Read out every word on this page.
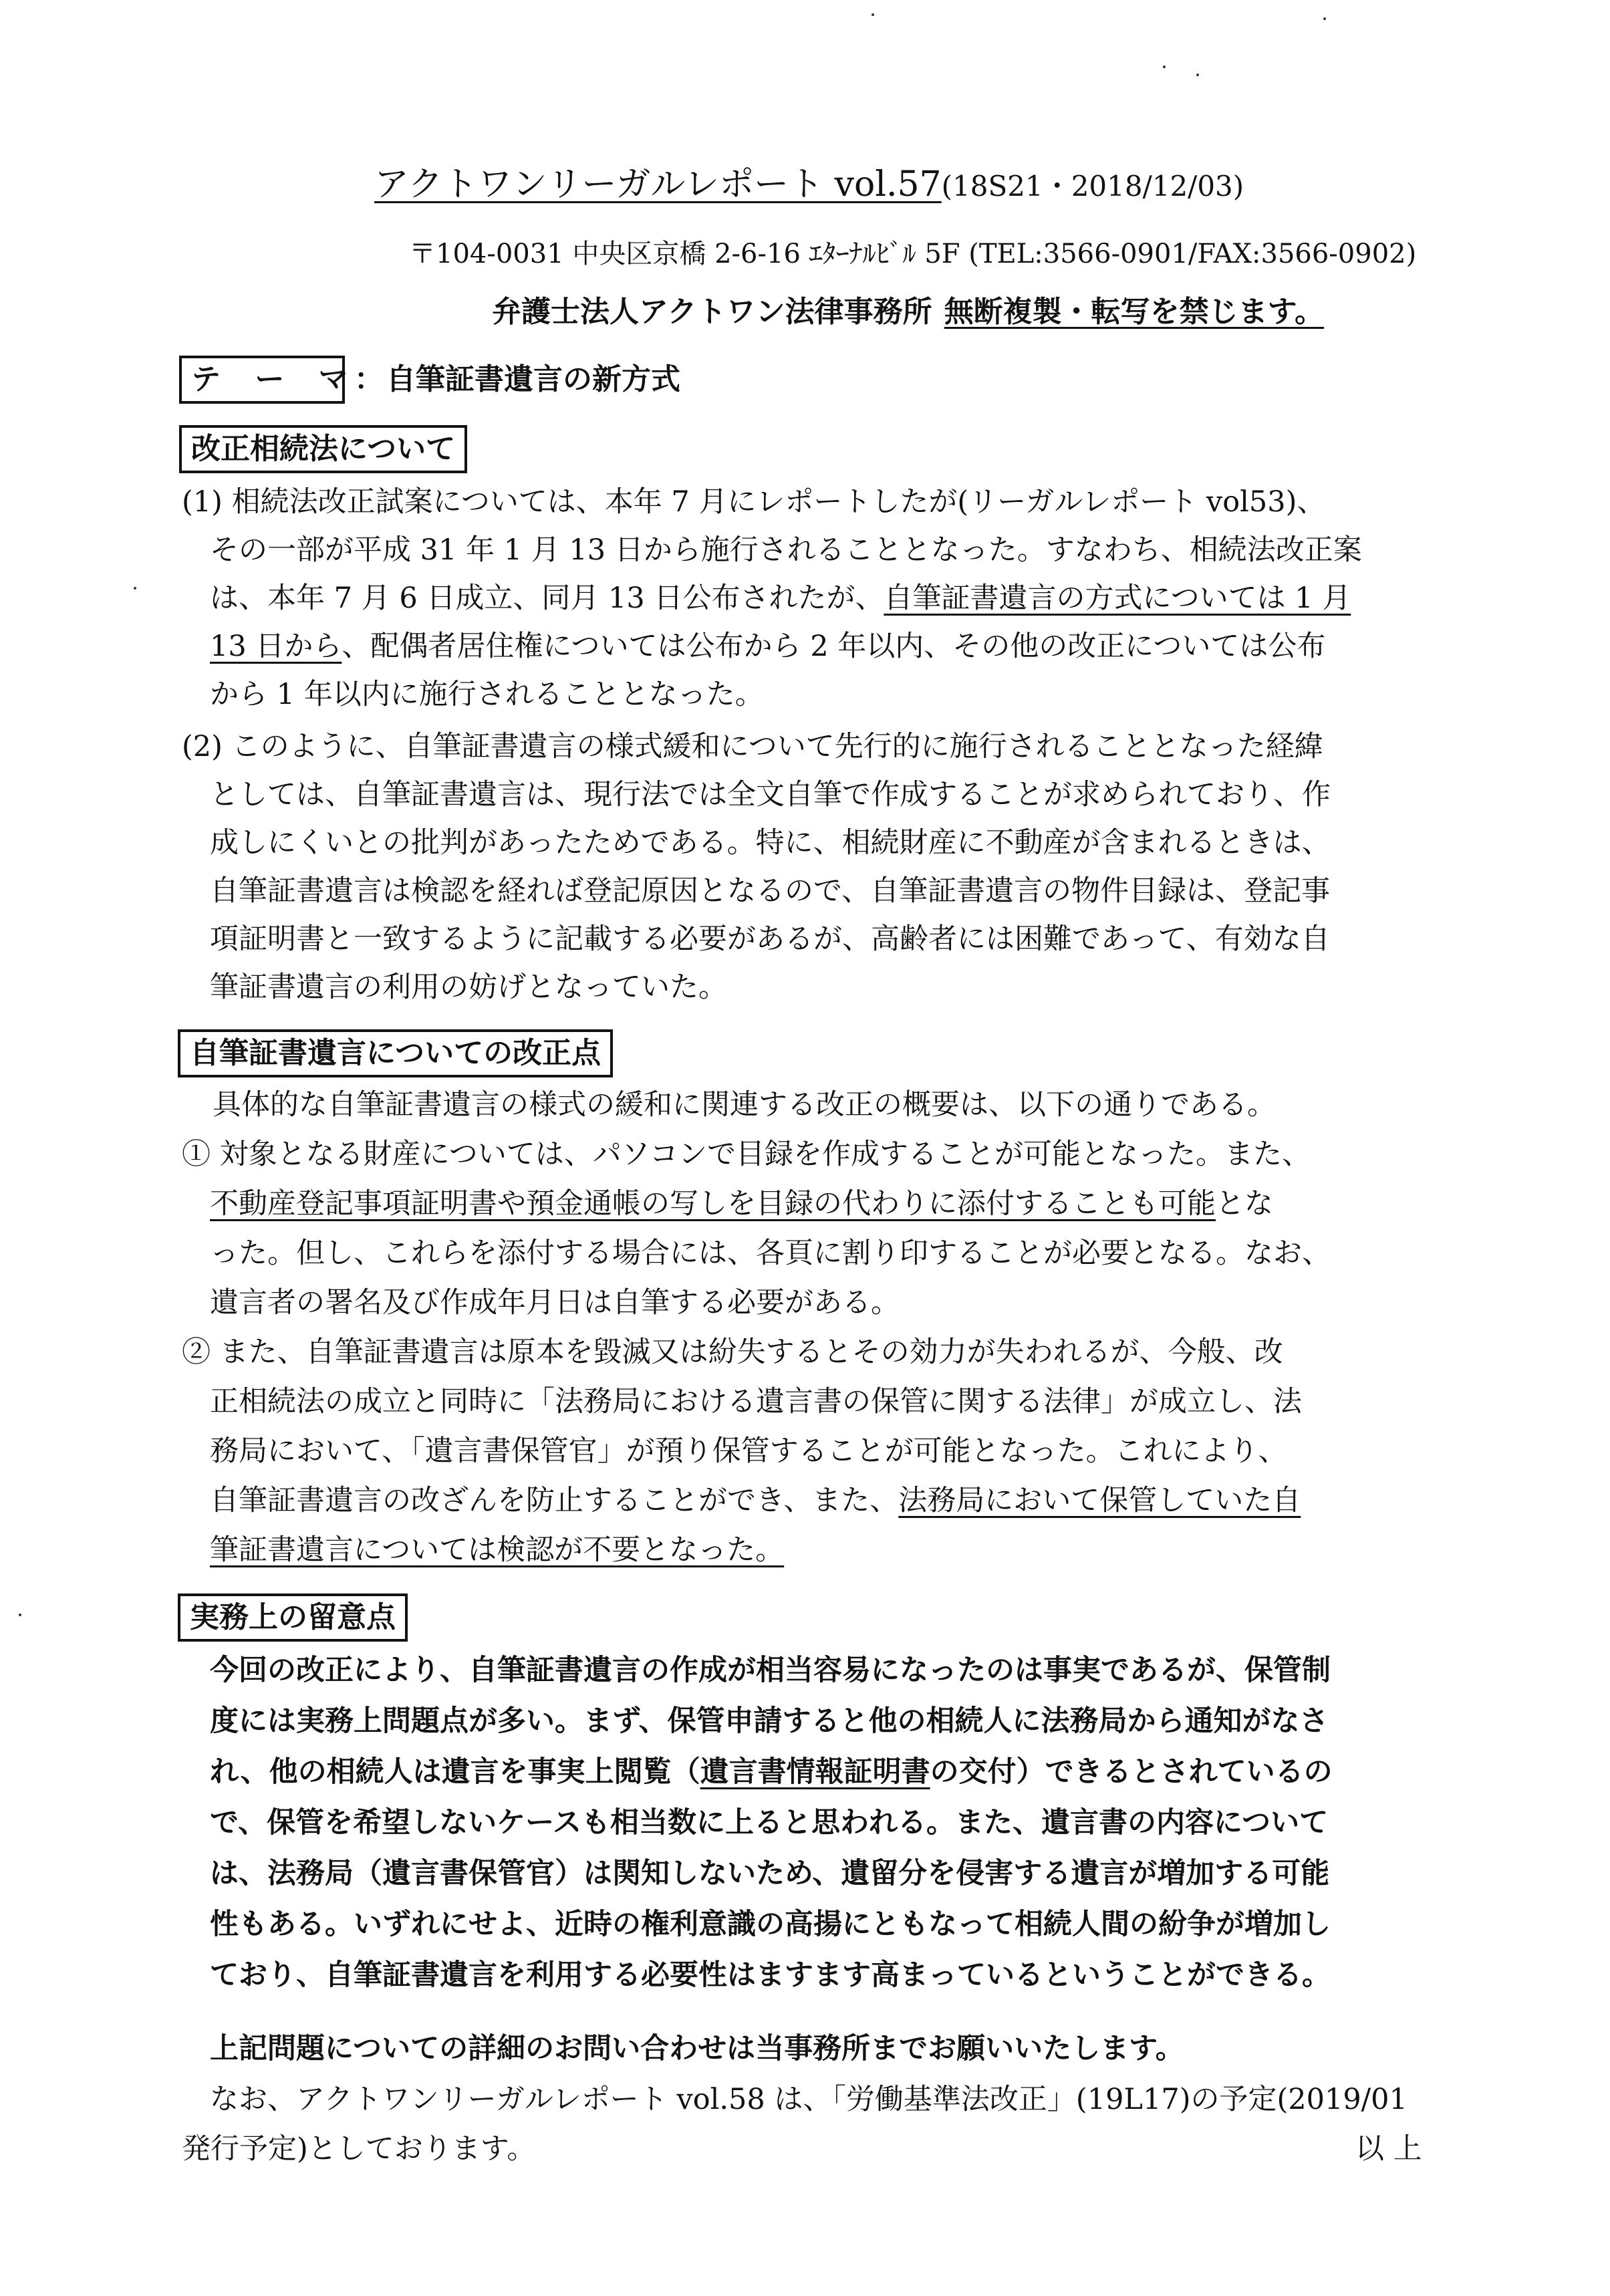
アクトワンリーガルレポート vol.57(18S21・2018/12/03)
〒104-0031 中央区京橋 2-6-16 ｴﾀｰﾅﾙﾋﾞﾙ 5F (TEL:3566-0901/FAX:3566-0902)
弁護士法人アクトワン法律事務所 無断複製・転写を禁じます。
テ ー マ：自筆証書遺言の新方式
改正相続法について
(1) 相続法改正試案については、本年 7 月にレポートしたが(リーガルレポート vol53)、
その一部が平成 31 年 1 月 13 日から施行されることとなった。すなわち、相続法改正案
は、本年 7 月 6 日成立、同月 13 日公布されたが、自筆証書遺言の方式については 1 月
13 日から、配偶者居住権については公布から 2 年以内、その他の改正については公布
から 1 年以内に施行されることとなった。
(2) このように、自筆証書遺言の様式緩和について先行的に施行されることとなった経緯
としては、自筆証書遺言は、現行法では全文自筆で作成することが求められており、作
成しにくいとの批判があったためである。特に、相続財産に不動産が含まれるときは、
自筆証書遺言は検認を経れば登記原因となるので、自筆証書遺言の物件目録は、登記事
項証明書と一致するように記載する必要があるが、高齢者には困難であって、有効な自
筆証書遺言の利用の妨げとなっていた。
自筆証書遺言についての改正点
具体的な自筆証書遺言の様式の緩和に関連する改正の概要は、以下の通りである。
① 対象となる財産については、パソコンで目録を作成することが可能となった。また、
不動産登記事項証明書や預金通帳の写しを目録の代わりに添付することも可能とな
った。但し、これらを添付する場合には、各頁に割り印することが必要となる。なお、
遺言者の署名及び作成年月日は自筆する必要がある。
② また、自筆証書遺言は原本を毀滅又は紛失するとその効力が失われるが、今般、改
正相続法の成立と同時に「法務局における遺言書の保管に関する法律」が成立し、法
務局において、「遺言書保管官」が預り保管することが可能となった。これにより、
自筆証書遺言の改ざんを防止することができ、また、法務局において保管していた自
筆証書遺言については検認が不要となった。
実務上の留意点
今回の改正により、自筆証書遺言の作成が相当容易になったのは事実であるが、保管制
度には実務上問題点が多い。まず、保管申請すると他の相続人に法務局から通知がなさ
れ、他の相続人は遺言を事実上閲覧（遺言書情報証明書の交付）できるとされているの
で、保管を希望しないケースも相当数に上ると思われる。また、遺言書の内容について
は、法務局（遺言書保管官）は関知しないため、遺留分を侵害する遺言が増加する可能
性もある。いずれにせよ、近時の権利意識の高揚にともなって相続人間の紛争が増加し
ており、自筆証書遺言を利用する必要性はますます高まっているということができる。
上記問題についての詳細のお問い合わせは当事務所までお願いいたします。
なお、アクトワンリーガルレポート vol.58 は、「労働基準法改正」(19L17)の予定(2019/01
発行予定)としております。	以 上
